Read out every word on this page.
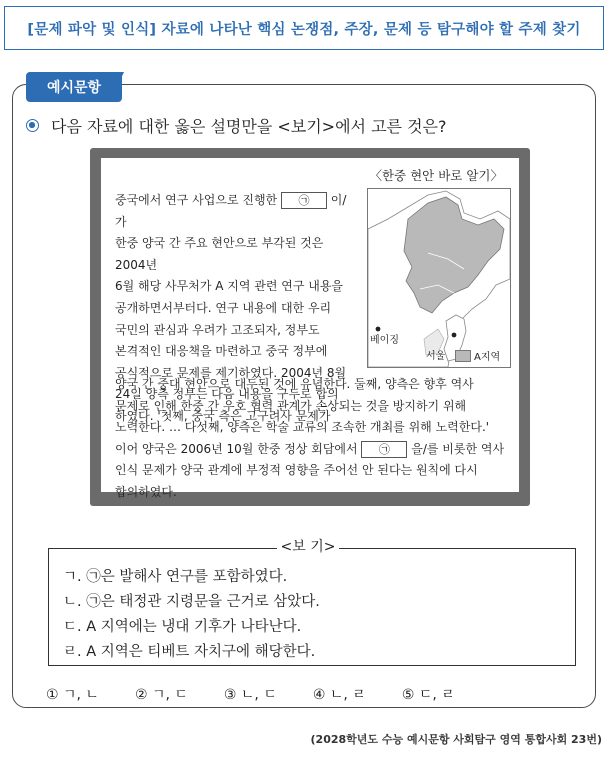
[문제 파악 및 인식] 자료에 나타난 핵심 논쟁점, 주장, 문제 등 탐구해야 할 주제 찾기
예시문항
다음 자료에 대한 옳은 설명만을 <보기>에서 고른 것은?
〈한중 현안 바로 알기〉
중국에서 연구 사업으로 진행한 ㉠ 이/가
한중 양국 간 주요 현안으로 부각된 것은 2004년
6월 해당 사무처가 A 지역 관련 연구 내용을
공개하면서부터다. 연구 내용에 대한 우리
국민의 관심과 우려가 고조되자, 정부도
본격적인 대응책을 마련하고 중국 정부에
공식적으로 문제를 제기하였다. 2004년 8월
24일 양측 정부는 다음 내용을 구두로 합의
하였다. '첫째, 중국 측은 고구려사 문제가
베이징
서울	A지역
양국 간 중대 현안으로 대두된 것에 유념한다. 둘째, 양측은 향후 역사
문제로 인해 한중 간 우호 협력 관계가 손상되는 것을 방지하기 위해
노력한다. … 다섯째, 양측은 학술 교류의 조속한 개최를 위해 노력한다.'
이어 양국은 2006년 10월 한중 정상 회담에서 ㉠ 을/를 비롯한 역사
인식 문제가 양국 관계에 부정적 영향을 주어선 안 된다는 원칙에 다시
합의하였다.
ㄱ. ㉠은 발해사 연구를 포함하였다.
ㄴ. ㉠은 태정관 지령문을 근거로 삼았다.
ㄷ. A 지역에는 냉대 기후가 나타난다.
ㄹ. A 지역은 티베트 자치구에 해당한다.
<보 기>
① ㄱ, ㄴ	② ㄱ, ㄷ	③ ㄴ, ㄷ	④ ㄴ, ㄹ	⑤ ㄷ, ㄹ
(2028학년도 수능 예시문항 사회탐구 영역 통합사회 23번)
